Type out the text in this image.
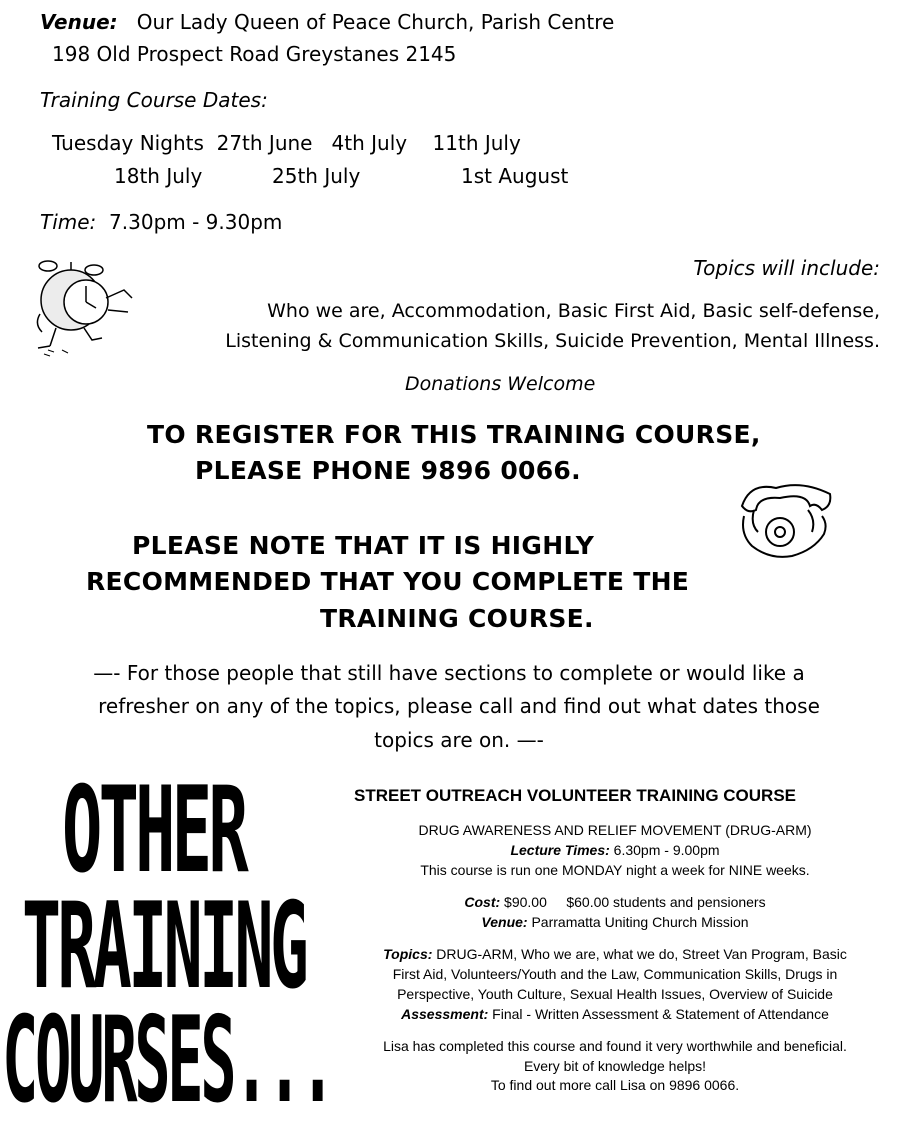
Venue: Our Lady Queen of Peace Church, Parish Centre
198 Old Prospect Road Greystanes 2145
Training Course Dates:
Tuesday Nights  27th June   4th July    11th July
18th July	25th July	1st August
Time: 7.30pm - 9.30pm
Topics will include:
Who we are, Accommodation, Basic First Aid, Basic self-defense,
Listening & Communication Skills, Suicide Prevention, Mental Illness.
Donations Welcome
TO REGISTER FOR THIS TRAINING COURSE,
PLEASE PHONE 9896 0066.
PLEASE NOTE THAT IT IS HIGHLY
RECOMMENDED THAT YOU COMPLETE THE
TRAINING COURSE.
—- For those people that still have sections to complete or would like a
refresher on any of the topics, please call and find out what dates those
topics are on. —-
OTHER
TRAINING
COURSES...
STREET OUTREACH VOLUNTEER TRAINING COURSE
DRUG AWARENESS AND RELIEF MOVEMENT (DRUG-ARM)
Lecture Times: 6.30pm - 9.00pm
This course is run one MONDAY night a week for NINE weeks.
Cost: $90.00     $60.00 students and pensioners
Venue: Parramatta Uniting Church Mission
Topics: DRUG-ARM, Who we are, what we do, Street Van Program, Basic
First Aid, Volunteers/Youth and the Law, Communication Skills, Drugs in
Perspective, Youth Culture, Sexual Health Issues, Overview of Suicide
Assessment: Final - Written Assessment & Statement of Attendance
Lisa has completed this course and found it very worthwhile and beneficial.
Every bit of knowledge helps!
To find out more call Lisa on 9896 0066.
